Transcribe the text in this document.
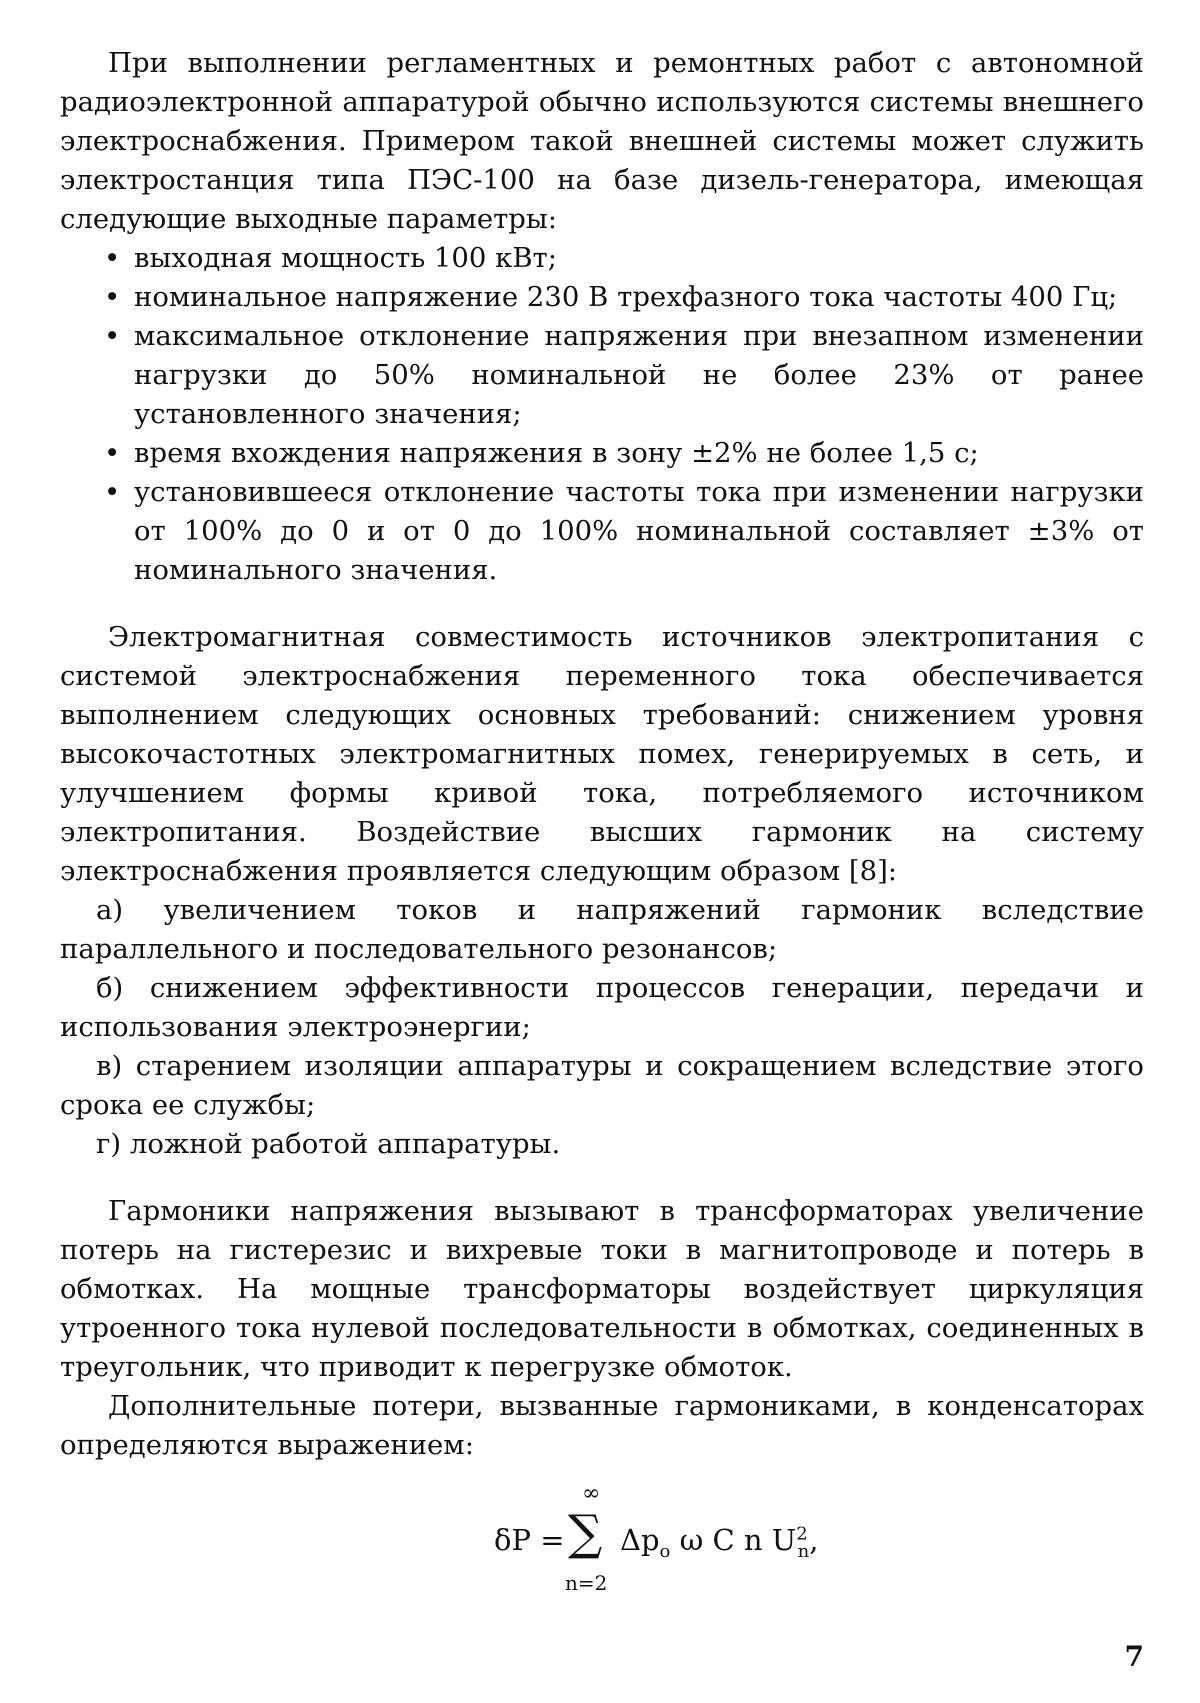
При выполнении регламентных и ремонтных работ с автономной радиоэлектронной аппаратурой обычно используются системы внешнего электроснабжения. Примером такой внешней системы может служить электростанция типа ПЭС-100 на базе дизель-генератора, имеющая следующие выходные параметры:

• выходная мощность 100 кВт;
• номинальное напряжение 230 В трехфазного тока частоты 400 Гц;
• максимальное отклонение напряжения при внезапном изменении нагрузки до 50% номинальной не более 23% от ранее установленного значения;
• время вхождения напряжения в зону ±2% не более 1,5 с;
• установившееся отклонение частоты тока при изменении нагрузки от 100% до 0 и от 0 до 100% номинальной составляет ±3% от номинального значения.

Электромагнитная совместимость источников электропитания с системой электроснабжения переменного тока обеспечивается выполнением следующих основных требований: снижением уровня высокочастотных электромагнитных помех, генерируемых в сеть, и улучшением формы кривой тока, потребляемого источником электропитания. Воздействие высших гармоник на систему электроснабжения проявляется следующим образом [8]:

а) увеличением токов и напряжений гармоник вследствие параллельного и последовательного резонансов;

б) снижением эффективности процессов генерации, передачи и использования электроэнергии;

в) старением изоляции аппаратуры и сокращением вследствие этого срока ее службы;

г) ложной работой аппаратуры.

Гармоники напряжения вызывают в трансформаторах увеличение потерь на гистерезис и вихревые токи в магнитопроводе и потерь в обмотках. На мощные трансформаторы воздействует циркуляция утроенного тока нулевой последовательности в обмотках, соединенных в треугольник, что приводит к перегрузке обмоток.

Дополнительные потери, вызванные гармониками, в конденсаторах определяются выражением:

δP =
∞
∑
n=2
$\Delta p_o$ ω C n $U^2_n$,
7
